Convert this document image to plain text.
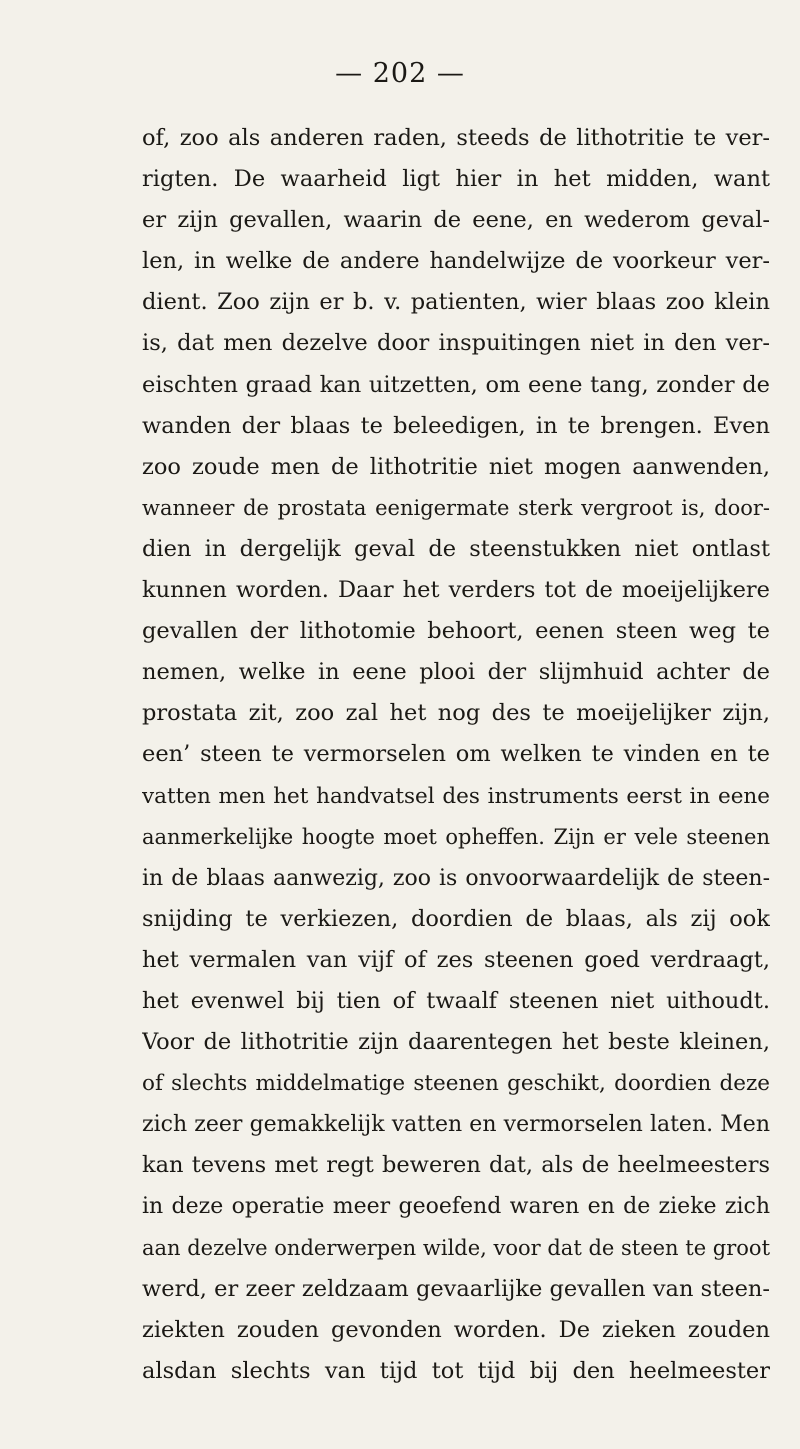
— 202 —
of, zoo als anderen raden, steeds de lithotritie te ver-
rigten. De waarheid ligt hier in het midden, want
er zijn gevallen, waarin de eene, en wederom geval-
len, in welke de andere handelwijze de voorkeur ver-
dient. Zoo zijn er b. v. patienten, wier blaas zoo klein
is, dat men dezelve door inspuitingen niet in den ver-
eischten graad kan uitzetten, om eene tang, zonder de
wanden der blaas te beleedigen, in te brengen. Even
zoo zoude men de lithotritie niet mogen aanwenden,
wanneer de prostata eenigermate sterk vergroot is, door-
dien in dergelijk geval de steenstukken niet ontlast
kunnen worden. Daar het verders tot de moeijelijkere
gevallen der lithotomie behoort, eenen steen weg te
nemen, welke in eene plooi der slijmhuid achter de
prostata zit, zoo zal het nog des te moeijelijker zijn,
een’ steen te vermorselen om welken te vinden en te
vatten men het handvatsel des instruments eerst in eene
aanmerkelijke hoogte moet opheffen. Zijn er vele steenen
in de blaas aanwezig, zoo is onvoorwaardelijk de steen-
snijding te verkiezen, doordien de blaas, als zij ook
het vermalen van vijf of zes steenen goed verdraagt,
het evenwel bij tien of twaalf steenen niet uithoudt.
Voor de lithotritie zijn daarentegen het beste kleinen,
of slechts middelmatige steenen geschikt, doordien deze
zich zeer gemakkelijk vatten en vermorselen laten. Men
kan tevens met regt beweren dat, als de heelmeesters
in deze operatie meer geoefend waren en de zieke zich
aan dezelve onderwerpen wilde, voor dat de steen te groot
werd, er zeer zeldzaam gevaarlijke gevallen van steen-
ziekten zouden gevonden worden. De zieken zouden
alsdan slechts van tijd tot tijd bij den heelmeester
